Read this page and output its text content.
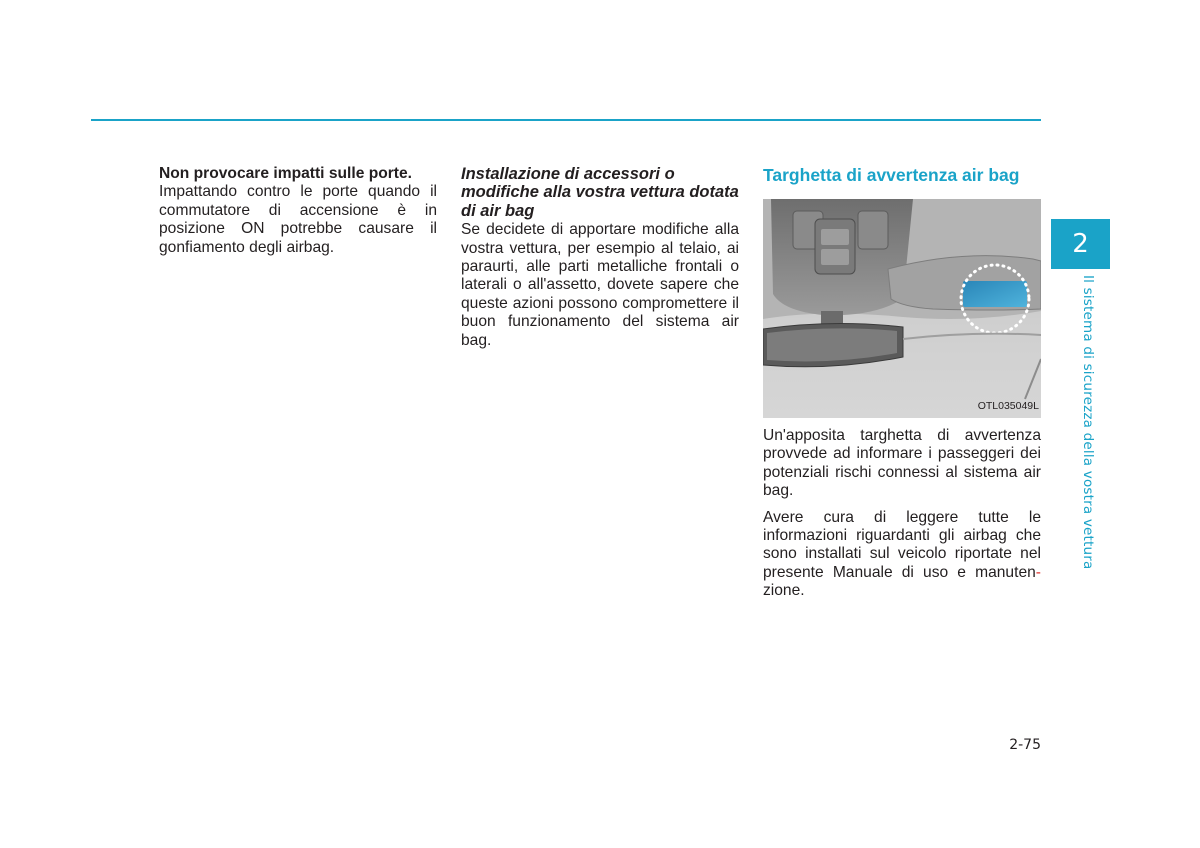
Non provocare impatti sulle porte.
Impattando contro le porte quando il commutatore di accensione è in posizione ON potrebbe causare il gonfiamento degli airbag.

Installazione di accessori o modifiche alla vostra vettura dotata di air bag

Se decidete di apportare modifiche alla vostra vettura, per esempio al telaio, ai paraurti, alle parti metalliche frontali o laterali o all'assetto, dovete sapere che queste azioni possono compromettere il buon funzionamento del sistema air bag.

Targhetta di avvertenza air bag
OTL035049L

Un'apposita targhetta di avvertenza provvede ad informare i passeggeri dei potenziali rischi connessi al sistema air bag.

Avere cura di leggere tutte le informazioni riguardanti gli airbag che sono installati sul veicolo riportate nel presente Manuale di uso e manuten- zione.

2
Il sistema di sicurezza della vostra vettura
2-75
